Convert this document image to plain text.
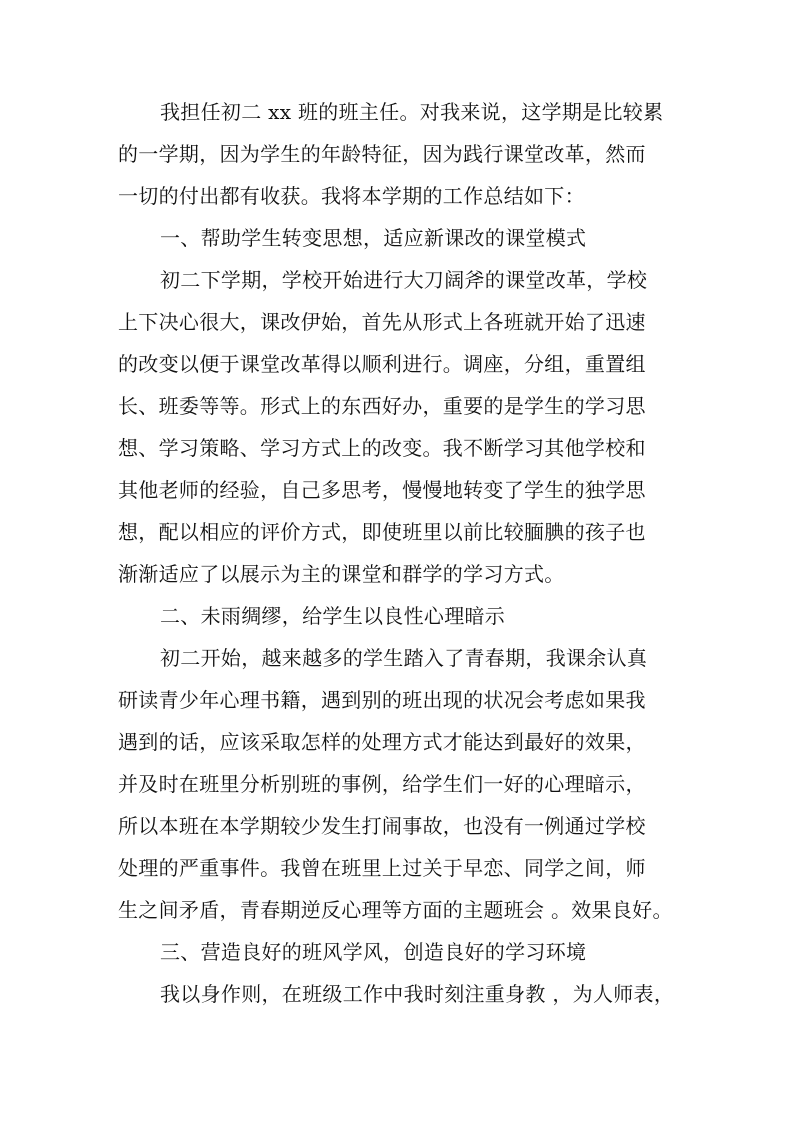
我担任初二 xx 班的班主任。对我来说，这学期是比较累
的一学期，因为学生的年龄特征，因为践行课堂改革，然而
一切的付出都有收获。我将本学期的工作总结如下：
一、帮助学生转变思想，适应新课改的课堂模式
初二下学期，学校开始进行大刀阔斧的课堂改革，学校
上下决心很大，课改伊始，首先从形式上各班就开始了迅速
的改变以便于课堂改革得以顺利进行。调座，分组，重置组
长、班委等等。形式上的东西好办，重要的是学生的学习思
想、学习策略、学习方式上的改变。我不断学习其他学校和
其他老师的经验，自己多思考，慢慢地转变了学生的独学思
想，配以相应的评价方式，即使班里以前比较腼腆的孩子也
渐渐适应了以展示为主的课堂和群学的学习方式。
二、未雨绸缪，给学生以良性心理暗示
初二开始，越来越多的学生踏入了青春期，我课余认真
研读青少年心理书籍，遇到别的班出现的状况会考虑如果我
遇到的话，应该采取怎样的处理方式才能达到最好的效果，
并及时在班里分析别班的事例，给学生们一好的心理暗示，
所以本班在本学期较少发生打闹事故，也没有一例通过学校
处理的严重事件。我曾在班里上过关于早恋、同学之间，师
生之间矛盾，青春期逆反心理等方面的主题班会 。效果良好。
三、营造良好的班风学风，创造良好的学习环境
我以身作则，在班级工作中我时刻注重身教 ，为人师表，
